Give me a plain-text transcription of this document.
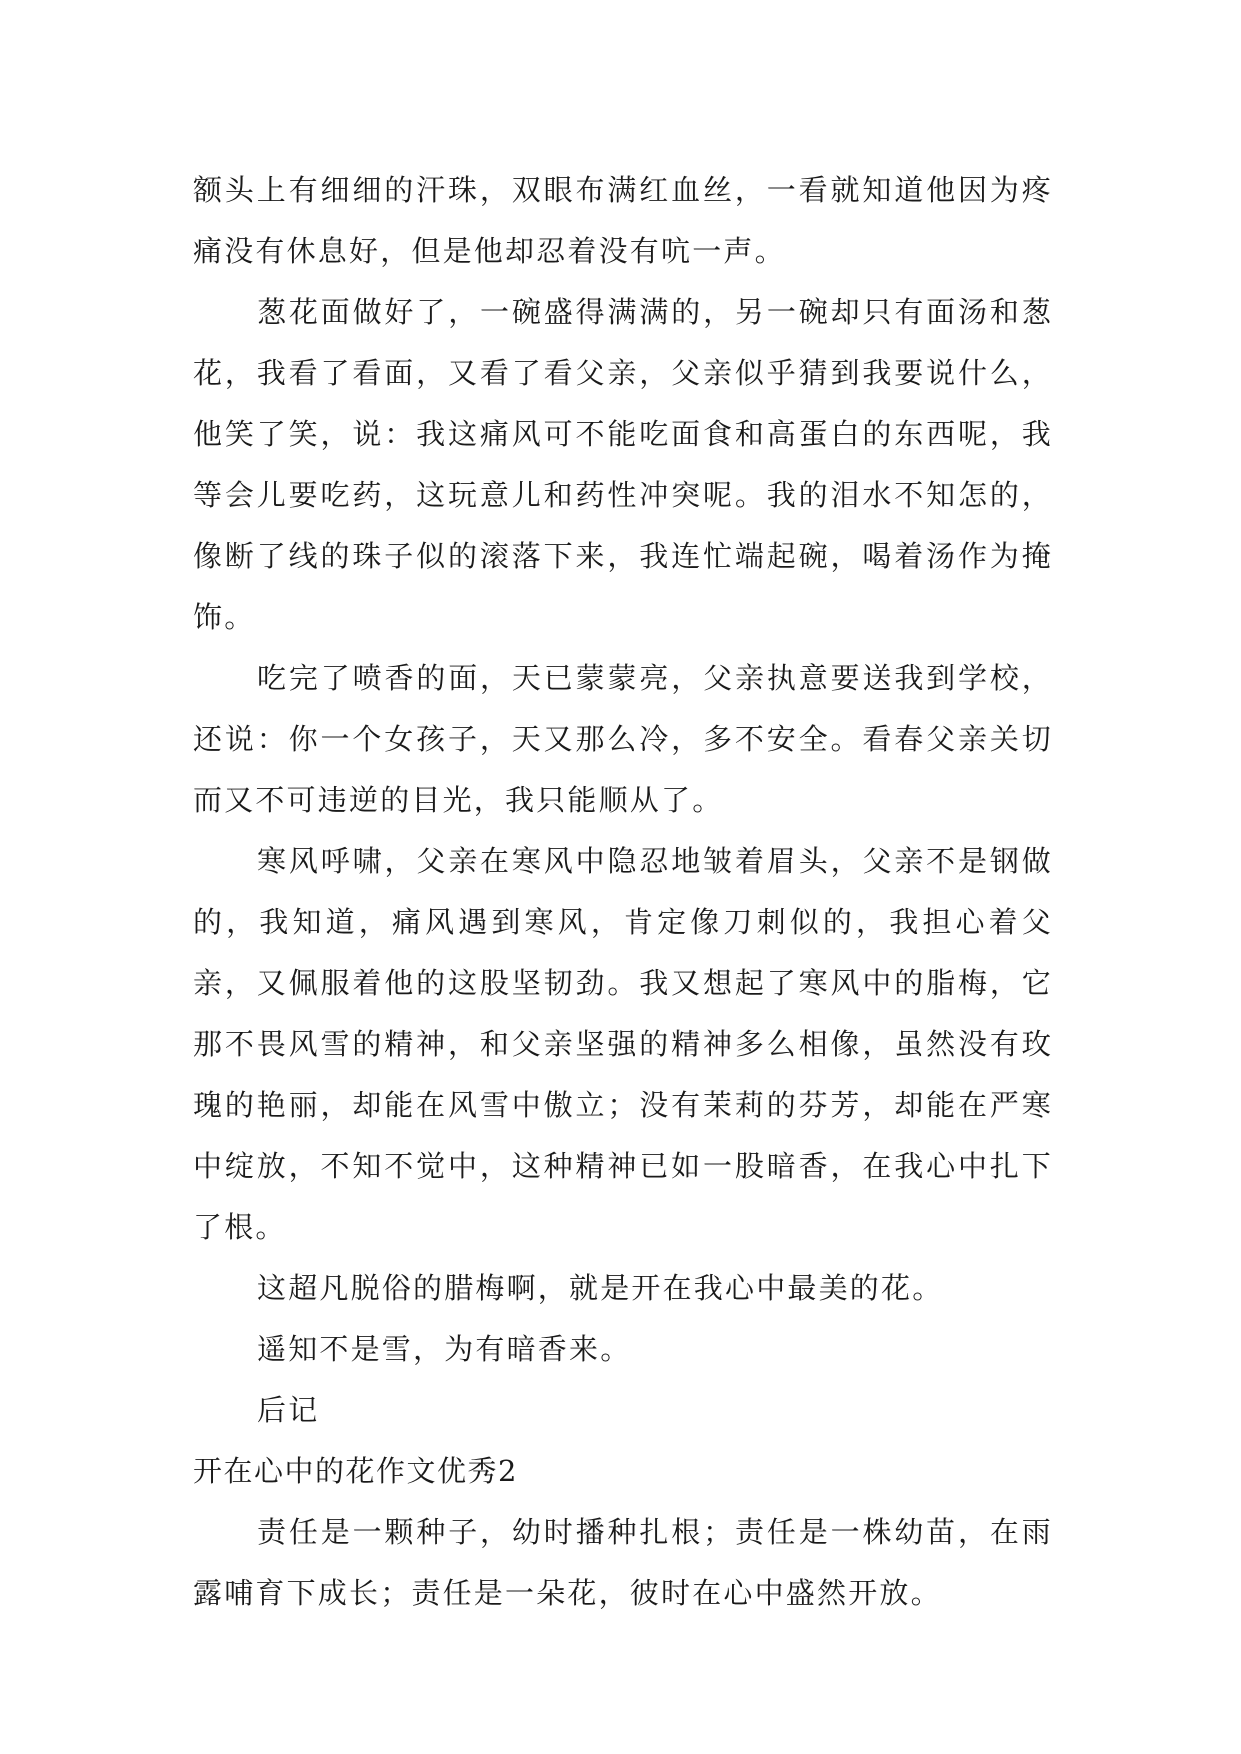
额头上有细细的汗珠，双眼布满红血丝，一看就知道他因为疼痛没有休息好，但是他却忍着没有吭一声。

葱花面做好了，一碗盛得满满的，另一碗却只有面汤和葱花，我看了看面，又看了看父亲，父亲似乎猜到我要说什么，他笑了笑，说：我这痛风可不能吃面食和高蛋白的东西呢，我等会儿要吃药，这玩意儿和药性冲突呢。我的泪水不知怎的，像断了线的珠子似的滚落下来，我连忙端起碗，喝着汤作为掩饰。

吃完了喷香的面，天已蒙蒙亮，父亲执意要送我到学校，还说：你一个女孩子，天又那么冷，多不安全。看春父亲关切而又不可违逆的目光，我只能顺从了。

寒风呼啸，父亲在寒风中隐忍地皱着眉头，父亲不是钢做的，我知道，痛风遇到寒风，肯定像刀刺似的，我担心着父亲，又佩服着他的这股坚韧劲。我又想起了寒风中的脂梅，它那不畏风雪的精神，和父亲坚强的精神多么相像，虽然没有玫瑰的艳丽，却能在风雪中傲立；没有茉莉的芬芳，却能在严寒中绽放，不知不觉中，这种精神已如一股暗香，在我心中扎下了根。

这超凡脱俗的腊梅啊，就是开在我心中最美的花。

遥知不是雪，为有暗香来。

后记

开在心中的花作文优秀2

责任是一颗种子，幼时播种扎根；责任是一株幼苗，在雨露哺育下成长；责任是一朵花，彼时在心中盛然开放。
